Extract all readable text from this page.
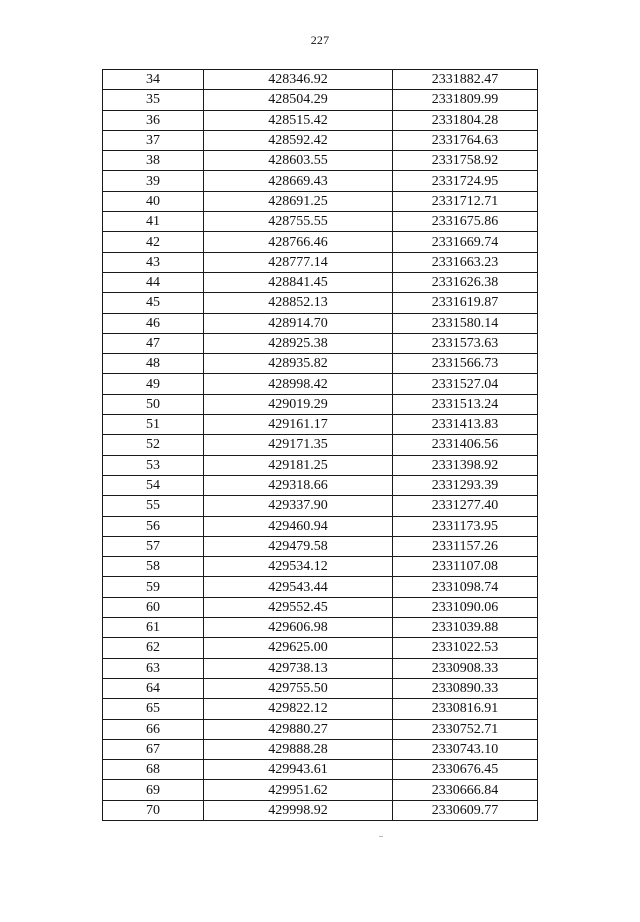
227
34	428346.92	2331882.47
35	428504.29	2331809.99
36	428515.42	2331804.28
37	428592.42	2331764.63
38	428603.55	2331758.92
39	428669.43	2331724.95
40	428691.25	2331712.71
41	428755.55	2331675.86
42	428766.46	2331669.74
43	428777.14	2331663.23
44	428841.45	2331626.38
45	428852.13	2331619.87
46	428914.70	2331580.14
47	428925.38	2331573.63
48	428935.82	2331566.73
49	428998.42	2331527.04
50	429019.29	2331513.24
51	429161.17	2331413.83
52	429171.35	2331406.56
53	429181.25	2331398.92
54	429318.66	2331293.39
55	429337.90	2331277.40
56	429460.94	2331173.95
57	429479.58	2331157.26
58	429534.12	2331107.08
59	429543.44	2331098.74
60	429552.45	2331090.06
61	429606.98	2331039.88
62	429625.00	2331022.53
63	429738.13	2330908.33
64	429755.50	2330890.33
65	429822.12	2330816.91
66	429880.27	2330752.71
67	429888.28	2330743.10
68	429943.61	2330676.45
69	429951.62	2330666.84
70	429998.92	2330609.77
